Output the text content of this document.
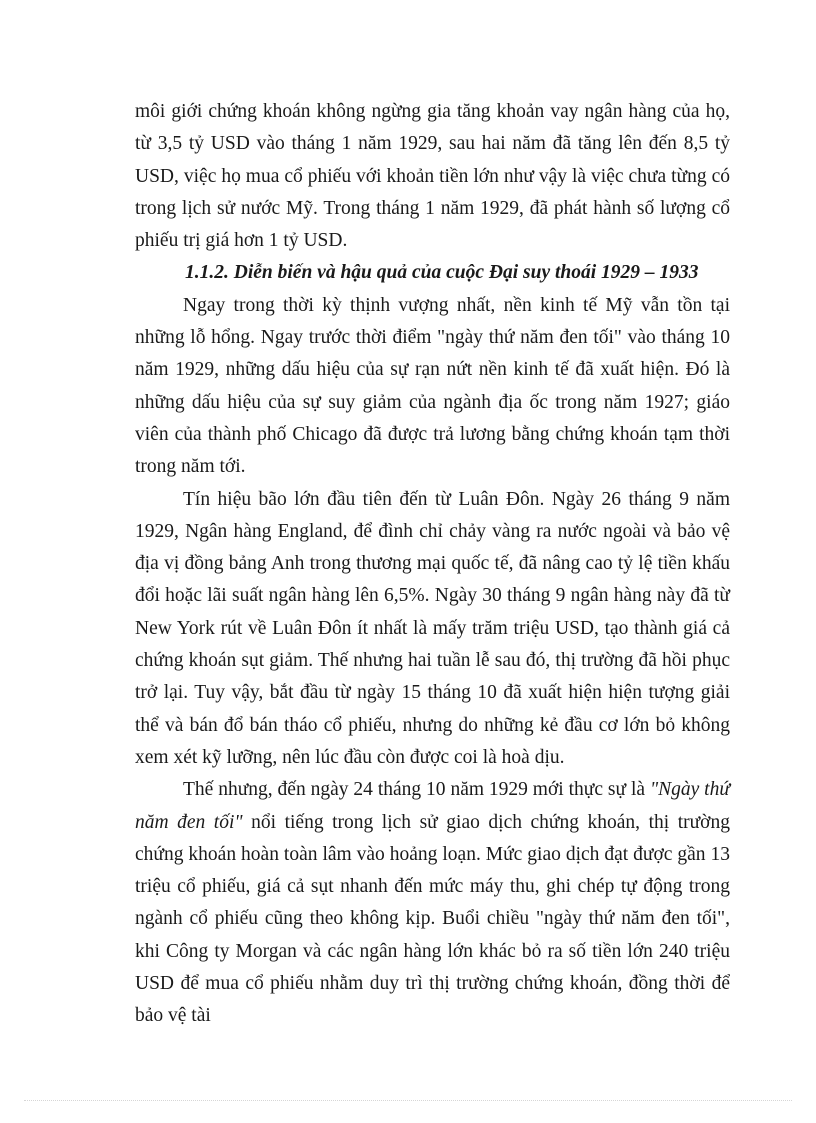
môi giới chứng khoán không ngừng gia tăng khoản vay ngân hàng của họ, từ 3,5 tỷ USD vào tháng 1 năm 1929, sau hai năm đã tăng lên đến 8,5 tỷ USD, việc họ mua cổ phiếu với khoản tiền lớn như vậy là việc chưa từng có trong lịch sử nước Mỹ. Trong tháng 1 năm 1929, đã phát hành số lượng cổ phiếu trị giá hơn 1 tỷ USD.

1.1.2. Diễn biến và hậu quả của cuộc Đại suy thoái 1929 – 1933

Ngay trong thời kỳ thịnh vượng nhất, nền kinh tế Mỹ vẫn tồn tại những lỗ hổng. Ngay trước thời điểm "ngày thứ năm đen tối" vào tháng 10 năm 1929, những dấu hiệu của sự rạn nứt nền kinh tế đã xuất hiện. Đó là những dấu hiệu của sự suy giảm của ngành địa ốc trong năm 1927; giáo viên của thành phố Chicago đã được trả lương bằng chứng khoán tạm thời trong năm tới.

Tín hiệu bão lớn đầu tiên đến từ Luân Đôn. Ngày 26 tháng 9 năm 1929, Ngân hàng England, để đình chỉ chảy vàng ra nước ngoài và bảo vệ địa vị đồng bảng Anh trong thương mại quốc tế, đã nâng cao tỷ lệ tiền khấu đổi hoặc lãi suất ngân hàng lên 6,5%. Ngày 30 tháng 9 ngân hàng này đã từ New York rút về Luân Đôn ít nhất là mấy trăm triệu USD, tạo thành giá cả chứng khoán sụt giảm. Thế nhưng hai tuần lễ sau đó, thị trường đã hồi phục trở lại. Tuy vậy, bắt đầu từ ngày 15 tháng 10 đã xuất hiện hiện tượng giải thể và bán đổ bán tháo cổ phiếu, nhưng do những kẻ đầu cơ lớn bỏ không xem xét kỹ lưỡng, nên lúc đầu còn được coi là hoà dịu.

Thế nhưng, đến ngày 24 tháng 10 năm 1929 mới thực sự là "Ngày thứ năm đen tối" nổi tiếng trong lịch sử giao dịch chứng khoán, thị trường chứng khoán hoàn toàn lâm vào hoảng loạn. Mức giao dịch đạt được gần 13 triệu cổ phiếu, giá cả sụt nhanh đến mức máy thu, ghi chép tự động trong ngành cổ phiếu cũng theo không kịp. Buổi chiều "ngày thứ năm đen tối", khi Công ty Morgan và các ngân hàng lớn khác bỏ ra số tiền lớn 240 triệu USD để mua cổ phiếu nhằm duy trì thị trường chứng khoán, đồng thời để bảo vệ tài
